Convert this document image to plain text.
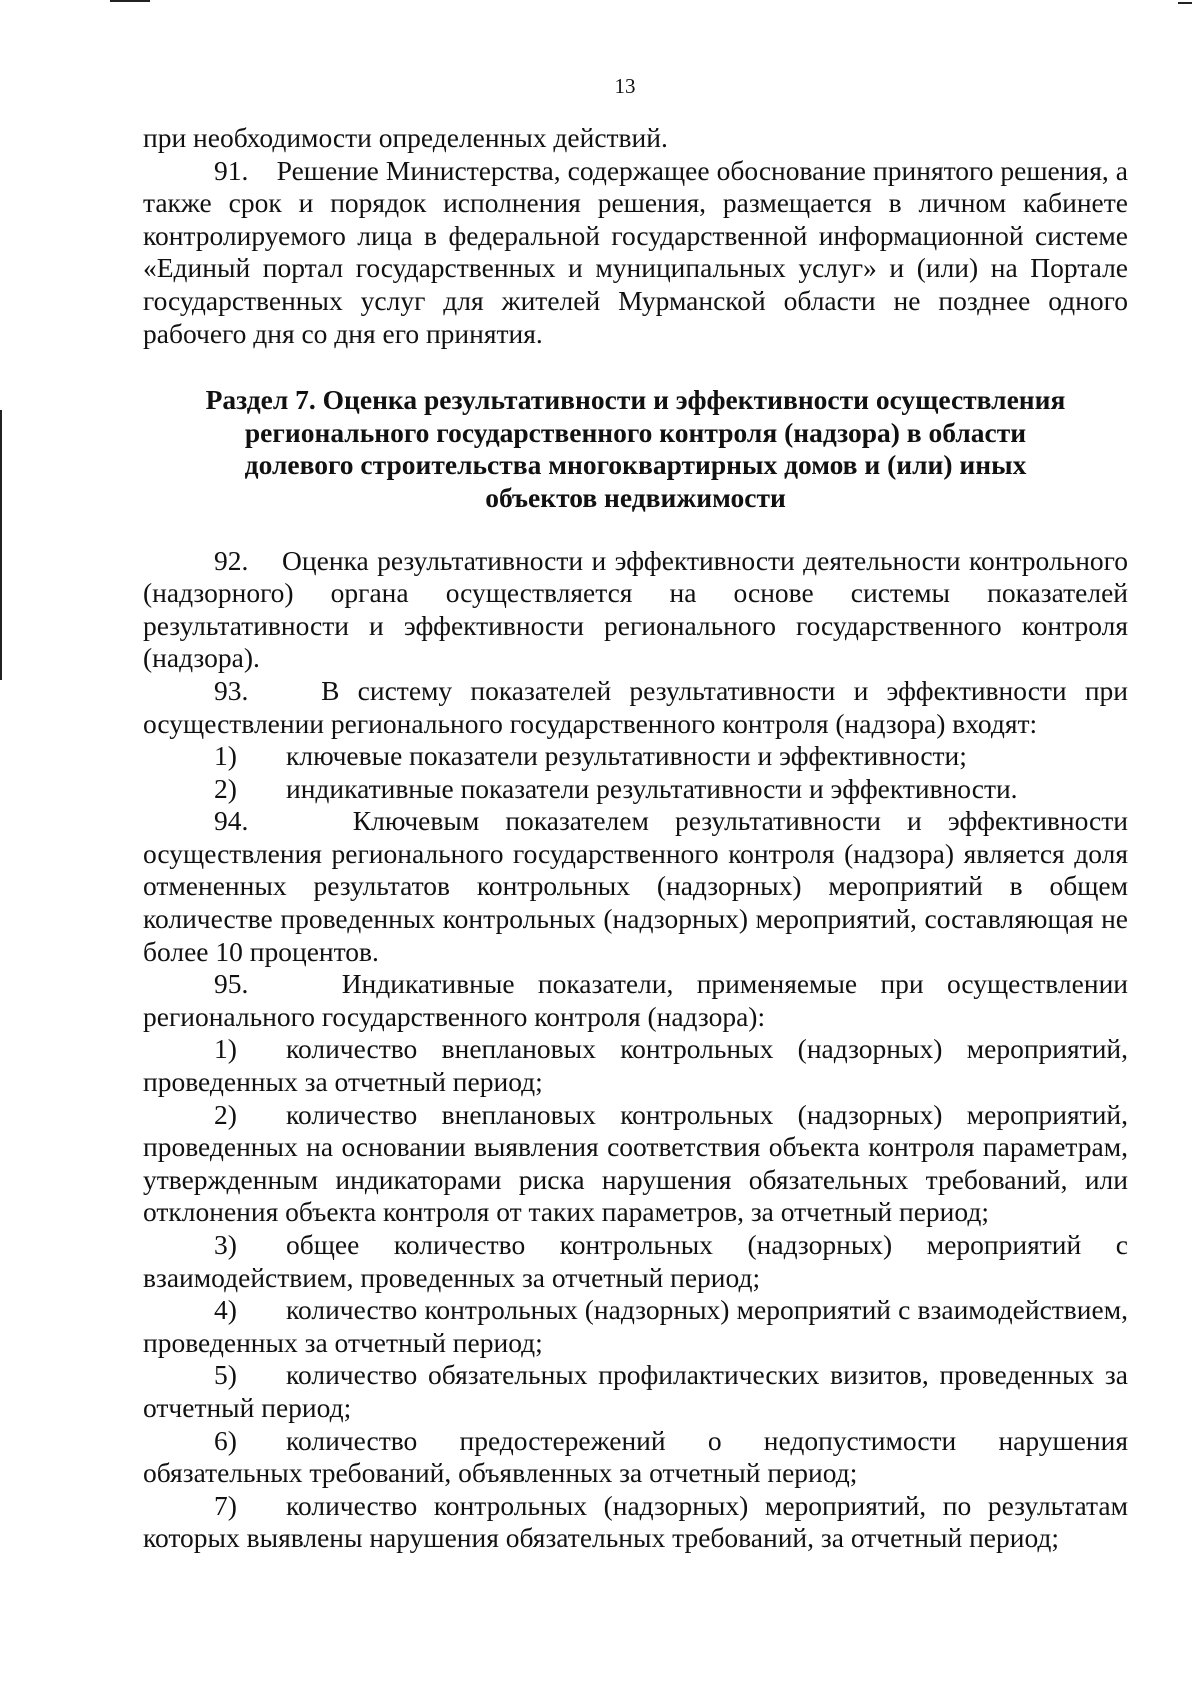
13

при необходимости определенных действий.

91. Решение Министерства, содержащее обоснование принятого решения, а также срок и порядок исполнения решения, размещается в личном кабинете контролируемого лица в федеральной государственной информационной системе «Единый портал государственных и муниципальных услуг» и (или) на Портале государственных услуг для жителей Мурманской области не позднее одного рабочего дня со дня его принятия.

Раздел 7. Оценка результативности и эффективности осуществления
регионального государственного контроля (надзора) в области
долевого строительства многоквартирных домов и (или) иных
объектов недвижимости

92. Оценка результативности и эффективности деятельности контрольного (надзорного) органа осуществляется на основе системы показателей результативности и эффективности регионального государственного контроля (надзора).

93.	В систему показателей результативности и эффективности при осуществлении регионального государственного контроля (надзора) входят:

1) ключевые показатели результативности и эффективности;

2) индикативные показатели результативности и эффективности.

94.	Ключевым показателем результативности и эффективности осуществления регионального государственного контроля (надзора) является доля отмененных результатов контрольных (надзорных) мероприятий в общем количестве проведенных контрольных (надзорных) мероприятий, составляющая не более 10 процентов.

95.	Индикативные показатели, применяемые при осуществлении регионального государственного контроля (надзора):

1) количество внеплановых контрольных (надзорных) мероприятий, проведенных за отчетный период;

2) количество внеплановых контрольных (надзорных) мероприятий, проведенных на основании выявления соответствия объекта контроля параметрам, утвержденным индикаторами риска нарушения обязательных требований, или отклонения объекта контроля от таких параметров, за отчетный период;

3) общее количество контрольных (надзорных) мероприятий с взаимодействием, проведенных за отчетный период;

4) количество контрольных (надзорных) мероприятий с взаимодействием, проведенных за отчетный период;

5) количество обязательных профилактических визитов, проведенных за отчетный период;

6) количество предостережений о недопустимости нарушения обязательных требований, объявленных за отчетный период;

7) количество контрольных (надзорных) мероприятий, по результатам которых выявлены нарушения обязательных требований, за отчетный период;
